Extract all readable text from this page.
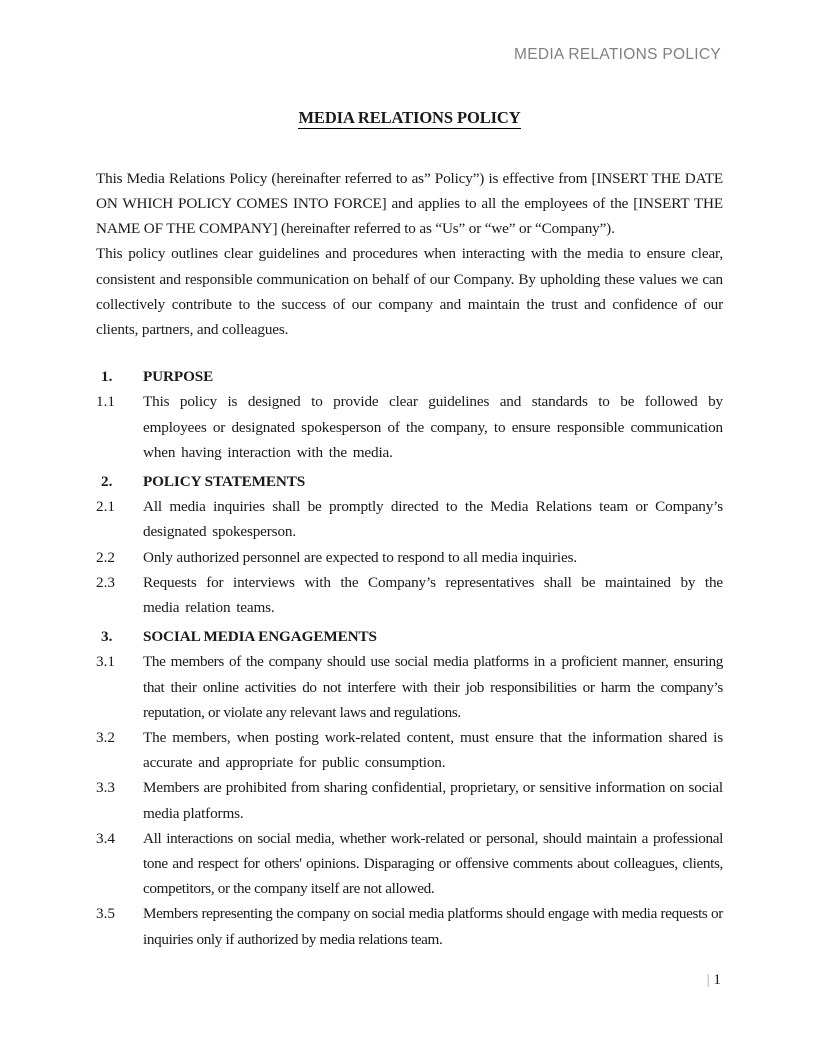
MEDIA RELATIONS POLICY
MEDIA RELATIONS POLICY

This Media Relations Policy (hereinafter referred to as” Policy”) is effective from [INSERT THE DATE ON WHICH POLICY COMES INTO FORCE] and applies to all the employees of the [INSERT THE NAME OF THE COMPANY] (hereinafter referred to as “Us” or “we” or “Company”).

This policy outlines clear guidelines and procedures when interacting with the media to ensure clear, consistent and responsible communication on behalf of our Company. By upholding these values we can collectively contribute to the success of our company and maintain the trust and confidence of our clients, partners, and colleagues.

1.	PURPOSE
1.1	This policy is designed to provide clear guidelines and standards to be followed by employees or designated spokesperson of the company, to ensure responsible communication when having interaction with the media.
2.	POLICY STATEMENTS
2.1	All media inquiries shall be promptly directed to the Media Relations team or Company’s designated spokesperson.
2.2	Only authorized personnel are expected to respond to all media inquiries.
2.3	Requests for interviews with the Company’s representatives shall be maintained by the media relation teams.
3.	SOCIAL MEDIA ENGAGEMENTS
3.1	The members of the company should use social media platforms in a proficient manner, ensuring that their online activities do not interfere with their job responsibilities or harm the company’s reputation, or violate any relevant laws and regulations.
3.2	The members, when posting work-related content, must ensure that the information shared is accurate and appropriate for public consumption.
3.3	Members are prohibited from sharing confidential, proprietary, or sensitive information on social media platforms.
3.4	All interactions on social media, whether work-related or personal, should maintain a professional tone and respect for others' opinions. Disparaging or offensive comments about colleagues, clients, competitors, or the company itself are not allowed.
3.5	Members representing the company on social media platforms should engage with media requests or inquiries only if authorized by media relations team.
| 1
